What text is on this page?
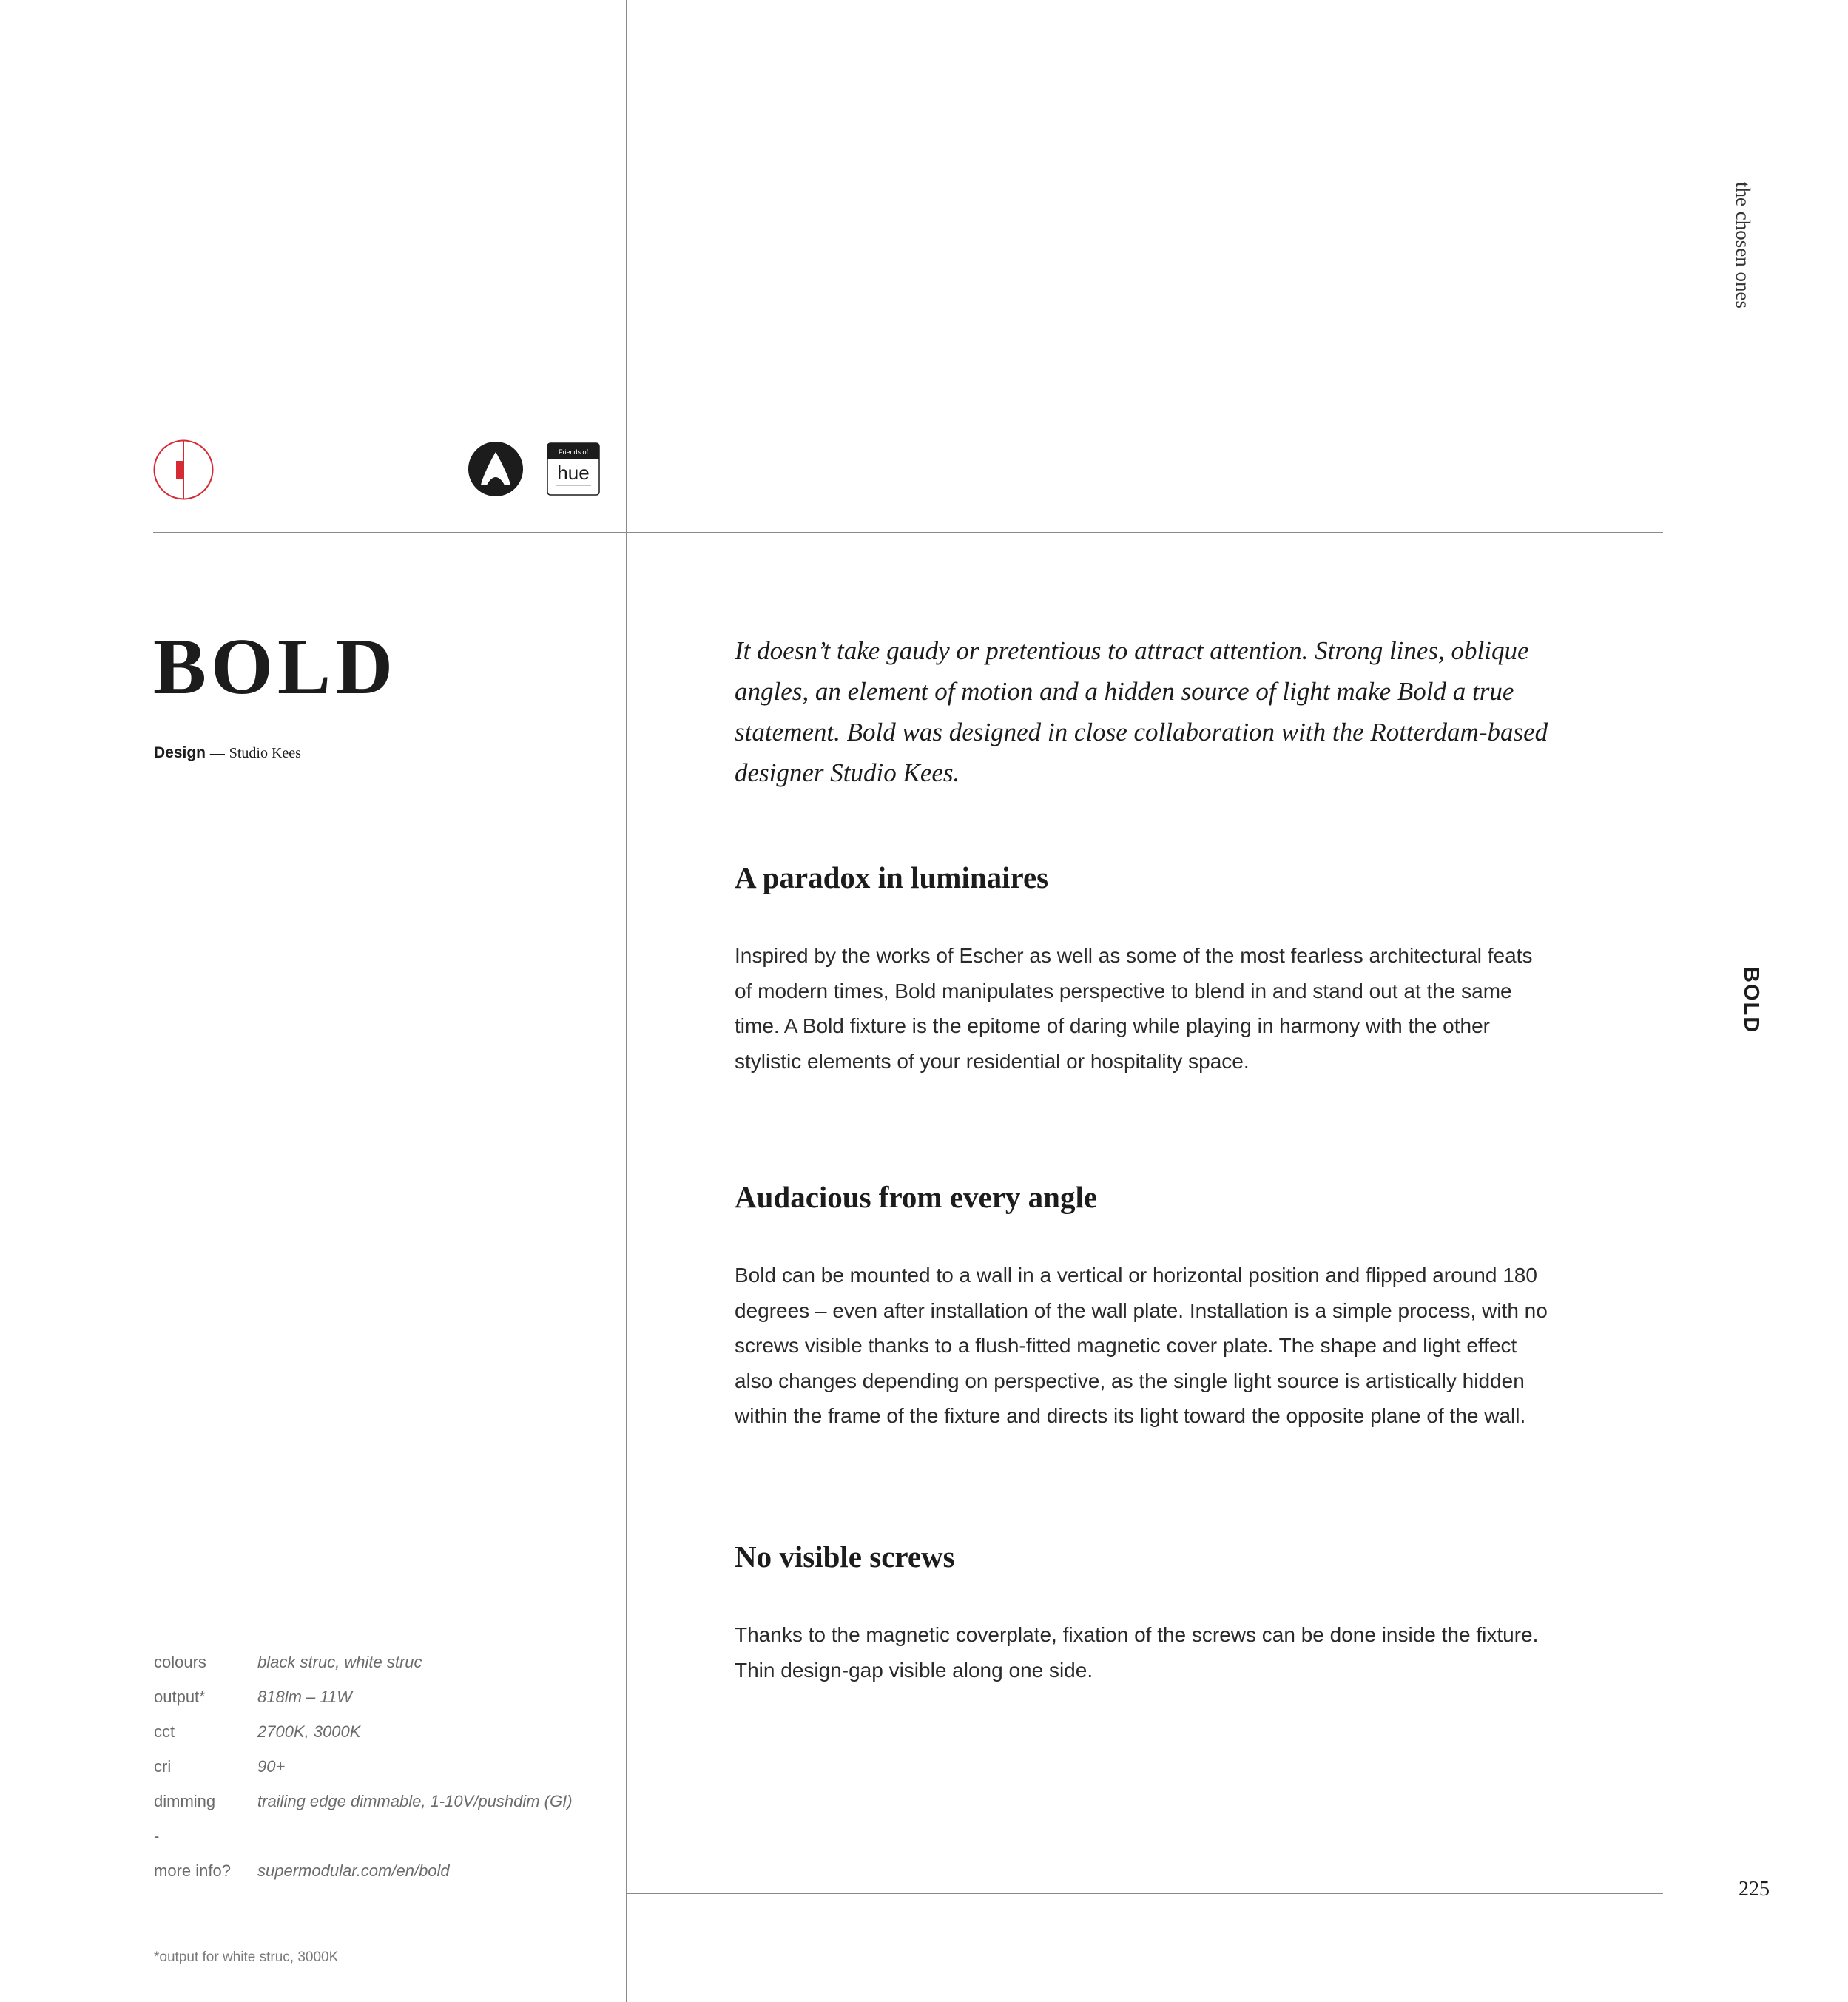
Friends of
hue
BOLD
Design — Studio Kees

It doesn’t take gaudy or pretentious to attract attention. Strong lines, oblique angles, an element of motion and a hidden source of light make Bold a true statement. Bold was designed in close collaboration with the Rotterdam-based designer Studio Kees.

A paradox in luminaires

Inspired by the works of Escher as well as some of the most fearless architectural feats of modern times, Bold manipulates perspective to blend in and stand out at the same time. A Bold fixture is the epitome of daring while playing in harmony with the other stylistic elements of your residential or hospitality space.

Audacious from every angle

Bold can be mounted to a wall in a vertical or horizontal position and flipped around 180 degrees – even after installation of the wall plate. Installation is a simple process, with no screws visible thanks to a flush-fitted magnetic cover plate. The shape and light effect also changes depending on perspective, as the single light source is artistically hidden within the frame of the fixture and directs its light toward the opposite plane of the wall.

No visible screws

Thanks to the magnetic coverplate, fixation of the screws can be done inside the fixture. Thin design-gap visible along one side.

the chosen ones
BOLD
225
colours	black struc, white struc
output*	818lm – 11W
cct	2700K, 3000K
cri	90+
dimming	trailing edge dimmable, 1-10V/pushdim (GI)
-
more info? supermodular.com/en/bold
*output for white struc, 3000K
